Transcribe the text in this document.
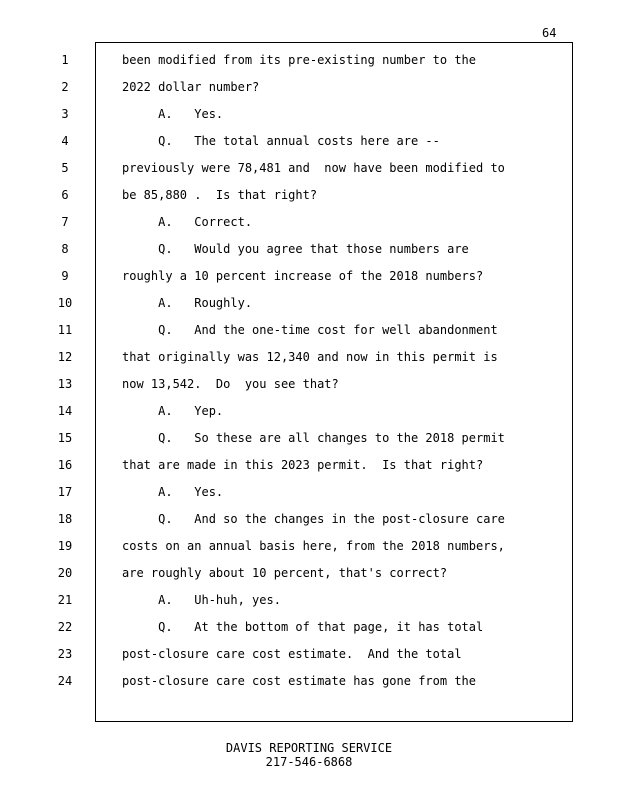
64
1	been modified from its pre-existing number to the
2	2022 dollar number?
3	A.   Yes.
4	Q.   The total annual costs here are --
5	previously were 78,481 and  now have been modified to
6	be 85,880 .  Is that right?
7	A.   Correct.
8	Q.   Would you agree that those numbers are
9	roughly a 10 percent increase of the 2018 numbers?
10	A.   Roughly.
11	Q.   And the one-time cost for well abandonment
12	that originally was 12,340 and now in this permit is
13	now 13,542.  Do  you see that?
14	A.   Yep.
15	Q.   So these are all changes to the 2018 permit
16	that are made in this 2023 permit.  Is that right?
17	A.   Yes.
18	Q.   And so the changes in the post-closure care
19	costs on an annual basis here, from the 2018 numbers,
20	are roughly about 10 percent, that's correct?
21	A.   Uh-huh, yes.
22	Q.   At the bottom of that page, it has total
23	post-closure care cost estimate.  And the total
24	post-closure care cost estimate has gone from the
DAVIS REPORTING SERVICE
217-546-6868
